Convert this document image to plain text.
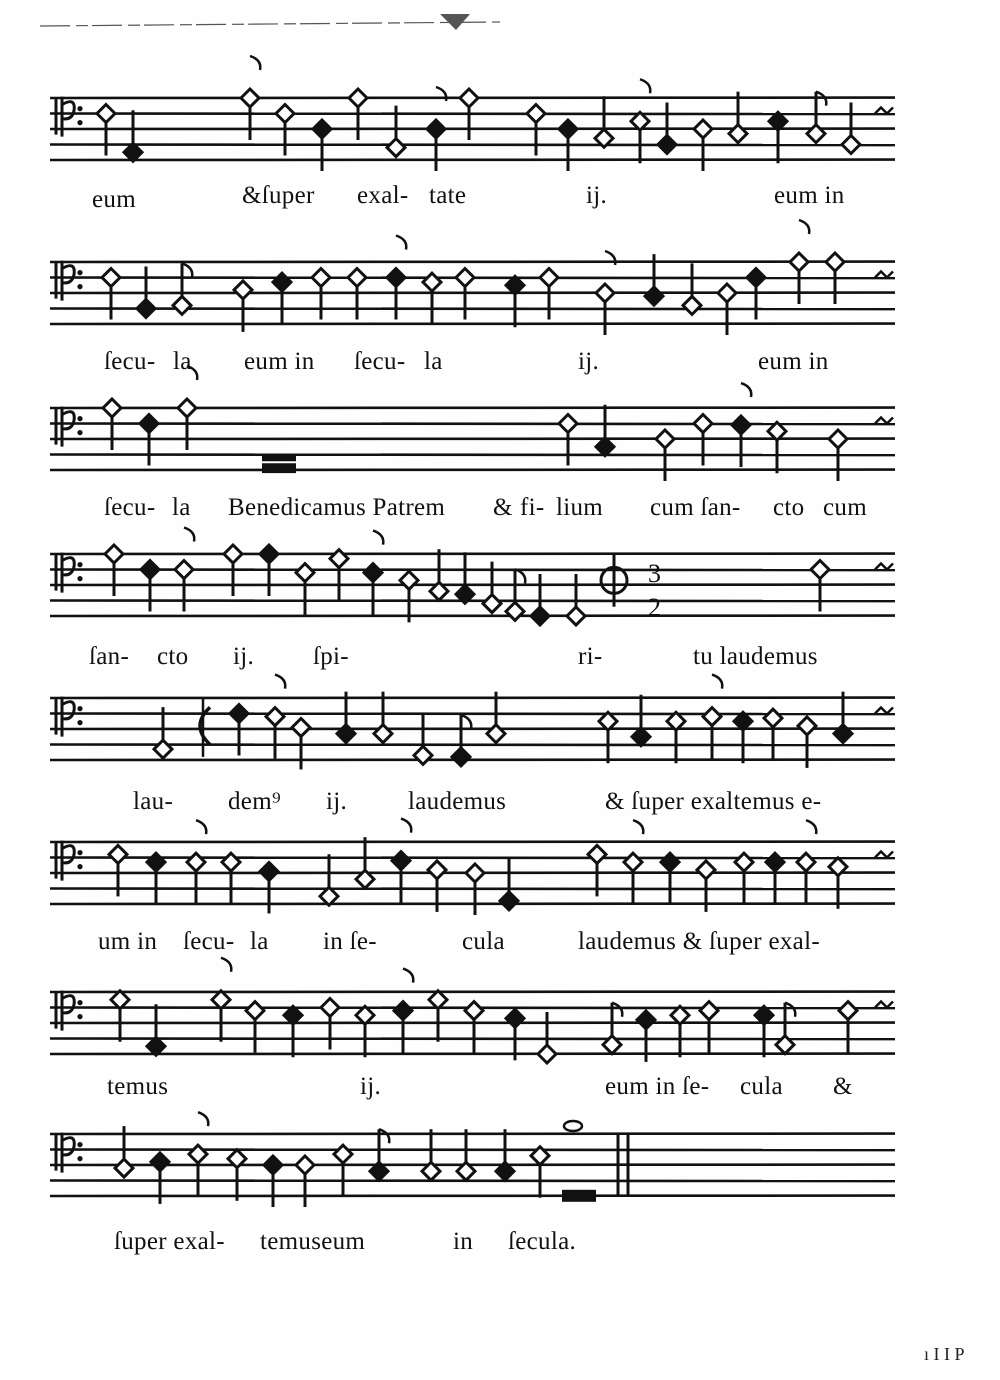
3
2
eum	&ſuper exal- tate	ij.	eum in
ſecu- la eum in ſecu- la	ij.	eum in
ſecu- la Benedicamus Patrem & fi- lium cum ſan- cto cum
ſan- cto ij. ſpi-	ri-	tu laudemus
lau- dem⁹ ij. laudemus	& ſuper exaltemus e-
um in ſecu- la in ſe-	cula	laudemus & ſuper exal-
temus	ij.	eum in ſe- cula &
ſuper exal- temuseum	in ſecula.
ı I I P
